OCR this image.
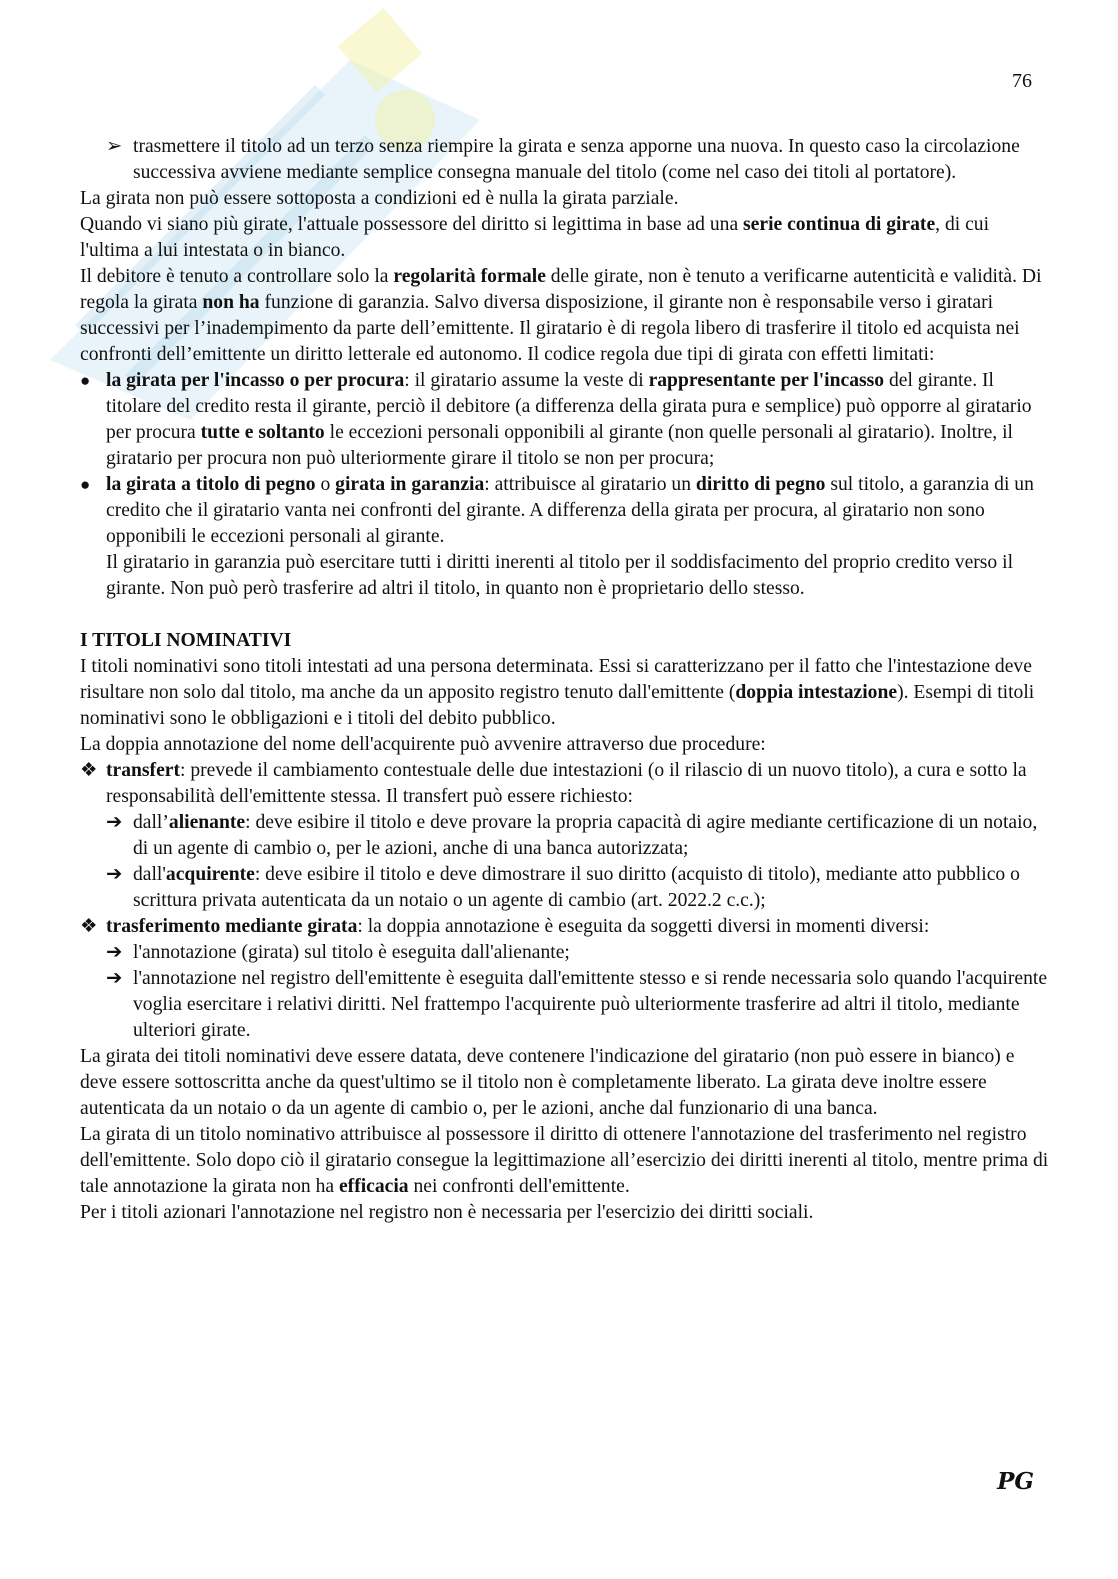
76
➢ trasmettere il titolo ad un terzo senza riempire la girata e senza apporne una nuova. In questo caso la circolazione successiva avviene mediante semplice consegna manuale del titolo (come nel caso dei titoli al portatore).
La girata non può essere sottoposta a condizioni ed è nulla la girata parziale.
Quando vi siano più girate, l'attuale possessore del diritto si legittima in base ad una serie continua di girate, di cui l'ultima a lui intestata o in bianco.
Il debitore è tenuto a controllare solo la regolarità formale delle girate, non è tenuto a verificarne autenticità e validità. Di regola la girata non ha funzione di garanzia. Salvo diversa disposizione, il girante non è responsabile verso i giratari successivi per l’inadempimento da parte dell’emittente. Il giratario è di regola libero di trasferire il titolo ed acquista nei confronti dell’emittente un diritto letterale ed autonomo. Il codice regola due tipi di girata con effetti limitati:
● la girata per l'incasso o per procura: il giratario assume la veste di rappresentante per l'incasso del girante. Il titolare del credito resta il girante, perciò il debitore (a differenza della girata pura e semplice) può opporre al giratario per procura tutte e soltanto le eccezioni personali opponibili al girante (non quelle personali al giratario). Inoltre, il giratario per procura non può ulteriormente girare il titolo se non per procura;
● la girata a titolo di pegno o girata in garanzia: attribuisce al giratario un diritto di pegno sul titolo, a garanzia di un credito che il giratario vanta nei confronti del girante. A differenza della girata per procura, al giratario non sono opponibili le eccezioni personali al girante.
Il giratario in garanzia può esercitare tutti i diritti inerenti al titolo per il soddisfacimento del proprio credito verso il girante. Non può però trasferire ad altri il titolo, in quanto non è proprietario dello stesso.
I TITOLI NOMINATIVI
I titoli nominativi sono titoli intestati ad una persona determinata. Essi si caratterizzano per il fatto che l'intestazione deve risultare non solo dal titolo, ma anche da un apposito registro tenuto dall'emittente (doppia intestazione). Esempi di titoli nominativi sono le obbligazioni e i titoli del debito pubblico.
La doppia annotazione del nome dell'acquirente può avvenire attraverso due procedure:
❖ transfert: prevede il cambiamento contestuale delle due intestazioni (o il rilascio di un nuovo titolo), a cura e sotto la responsabilità dell'emittente stessa. Il transfert può essere richiesto:
➔ dall’alienante: deve esibire il titolo e deve provare la propria capacità di agire mediante certificazione di un notaio, di un agente di cambio o, per le azioni, anche di una banca autorizzata;
➔ dall'acquirente: deve esibire il titolo e deve dimostrare il suo diritto (acquisto di titolo), mediante atto pubblico o scrittura privata autenticata da un notaio o un agente di cambio (art. 2022.2 c.c.);
❖ trasferimento mediante girata: la doppia annotazione è eseguita da soggetti diversi in momenti diversi:
➔ l'annotazione (girata) sul titolo è eseguita dall'alienante;
➔ l'annotazione nel registro dell'emittente è eseguita dall'emittente stesso e si rende necessaria solo quando l'acquirente voglia esercitare i relativi diritti. Nel frattempo l'acquirente può ulteriormente trasferire ad altri il titolo, mediante ulteriori girate.
La girata dei titoli nominativi deve essere datata, deve contenere l'indicazione del giratario (non può essere in bianco) e deve essere sottoscritta anche da quest'ultimo se il titolo non è completamente liberato. La girata deve inoltre essere autenticata da un notaio o da un agente di cambio o, per le azioni, anche dal funzionario di una banca.
La girata di un titolo nominativo attribuisce al possessore il diritto di ottenere l'annotazione del trasferimento nel registro dell'emittente. Solo dopo ciò il giratario consegue la legittimazione all’esercizio dei diritti inerenti al titolo, mentre prima di tale annotazione la girata non ha efficacia nei confronti dell'emittente.
Per i titoli azionari l'annotazione nel registro non è necessaria per l'esercizio dei diritti sociali.
PG
